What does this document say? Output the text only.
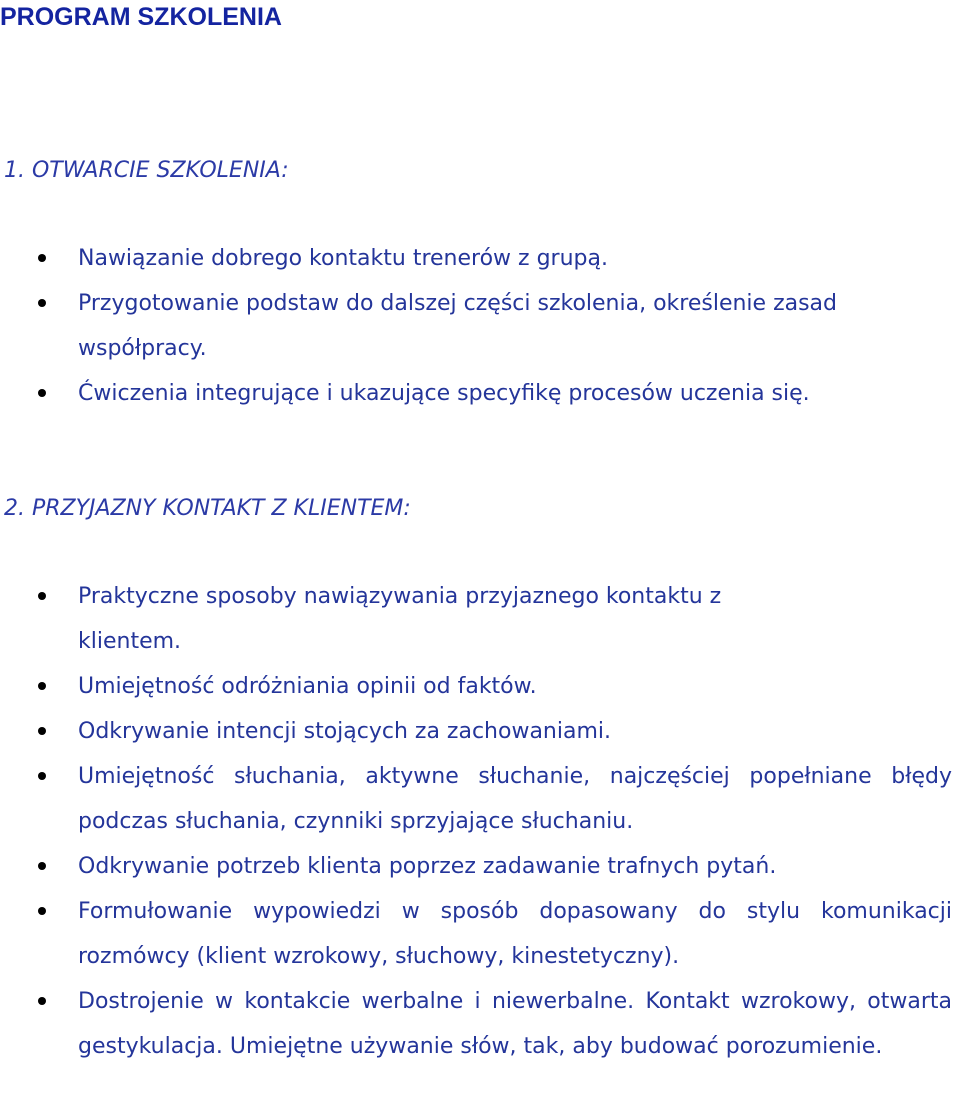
PROGRAM SZKOLENIA
1. OTWARCIE SZKOLENIA:
Nawiązanie dobrego kontaktu trenerów z grupą.
Przygotowanie podstaw do dalszej części szkolenia, określenie zasad współpracy.
Ćwiczenia integrujące i ukazujące specyfikę procesów uczenia się.
2. PRZYJAZNY KONTAKT Z KLIENTEM:
Praktyczne sposoby nawiązywania przyjaznego kontaktu z klientem.
Umiejętność odróżniania opinii od faktów.
Odkrywanie intencji stojących za zachowaniami.
Umiejętność słuchania, aktywne słuchanie, najczęściej popełniane błędy podczas słuchania, czynniki sprzyjające słuchaniu.
Odkrywanie potrzeb klienta poprzez zadawanie trafnych pytań.
Formułowanie wypowiedzi w sposób dopasowany do stylu komunikacji rozmówcy (klient wzrokowy, słuchowy, kinestetyczny).
Dostrojenie w kontakcie werbalne i niewerbalne. Kontakt wzrokowy, otwarta gestykulacja. Umiejętne używanie słów, tak, aby budować porozumienie.
